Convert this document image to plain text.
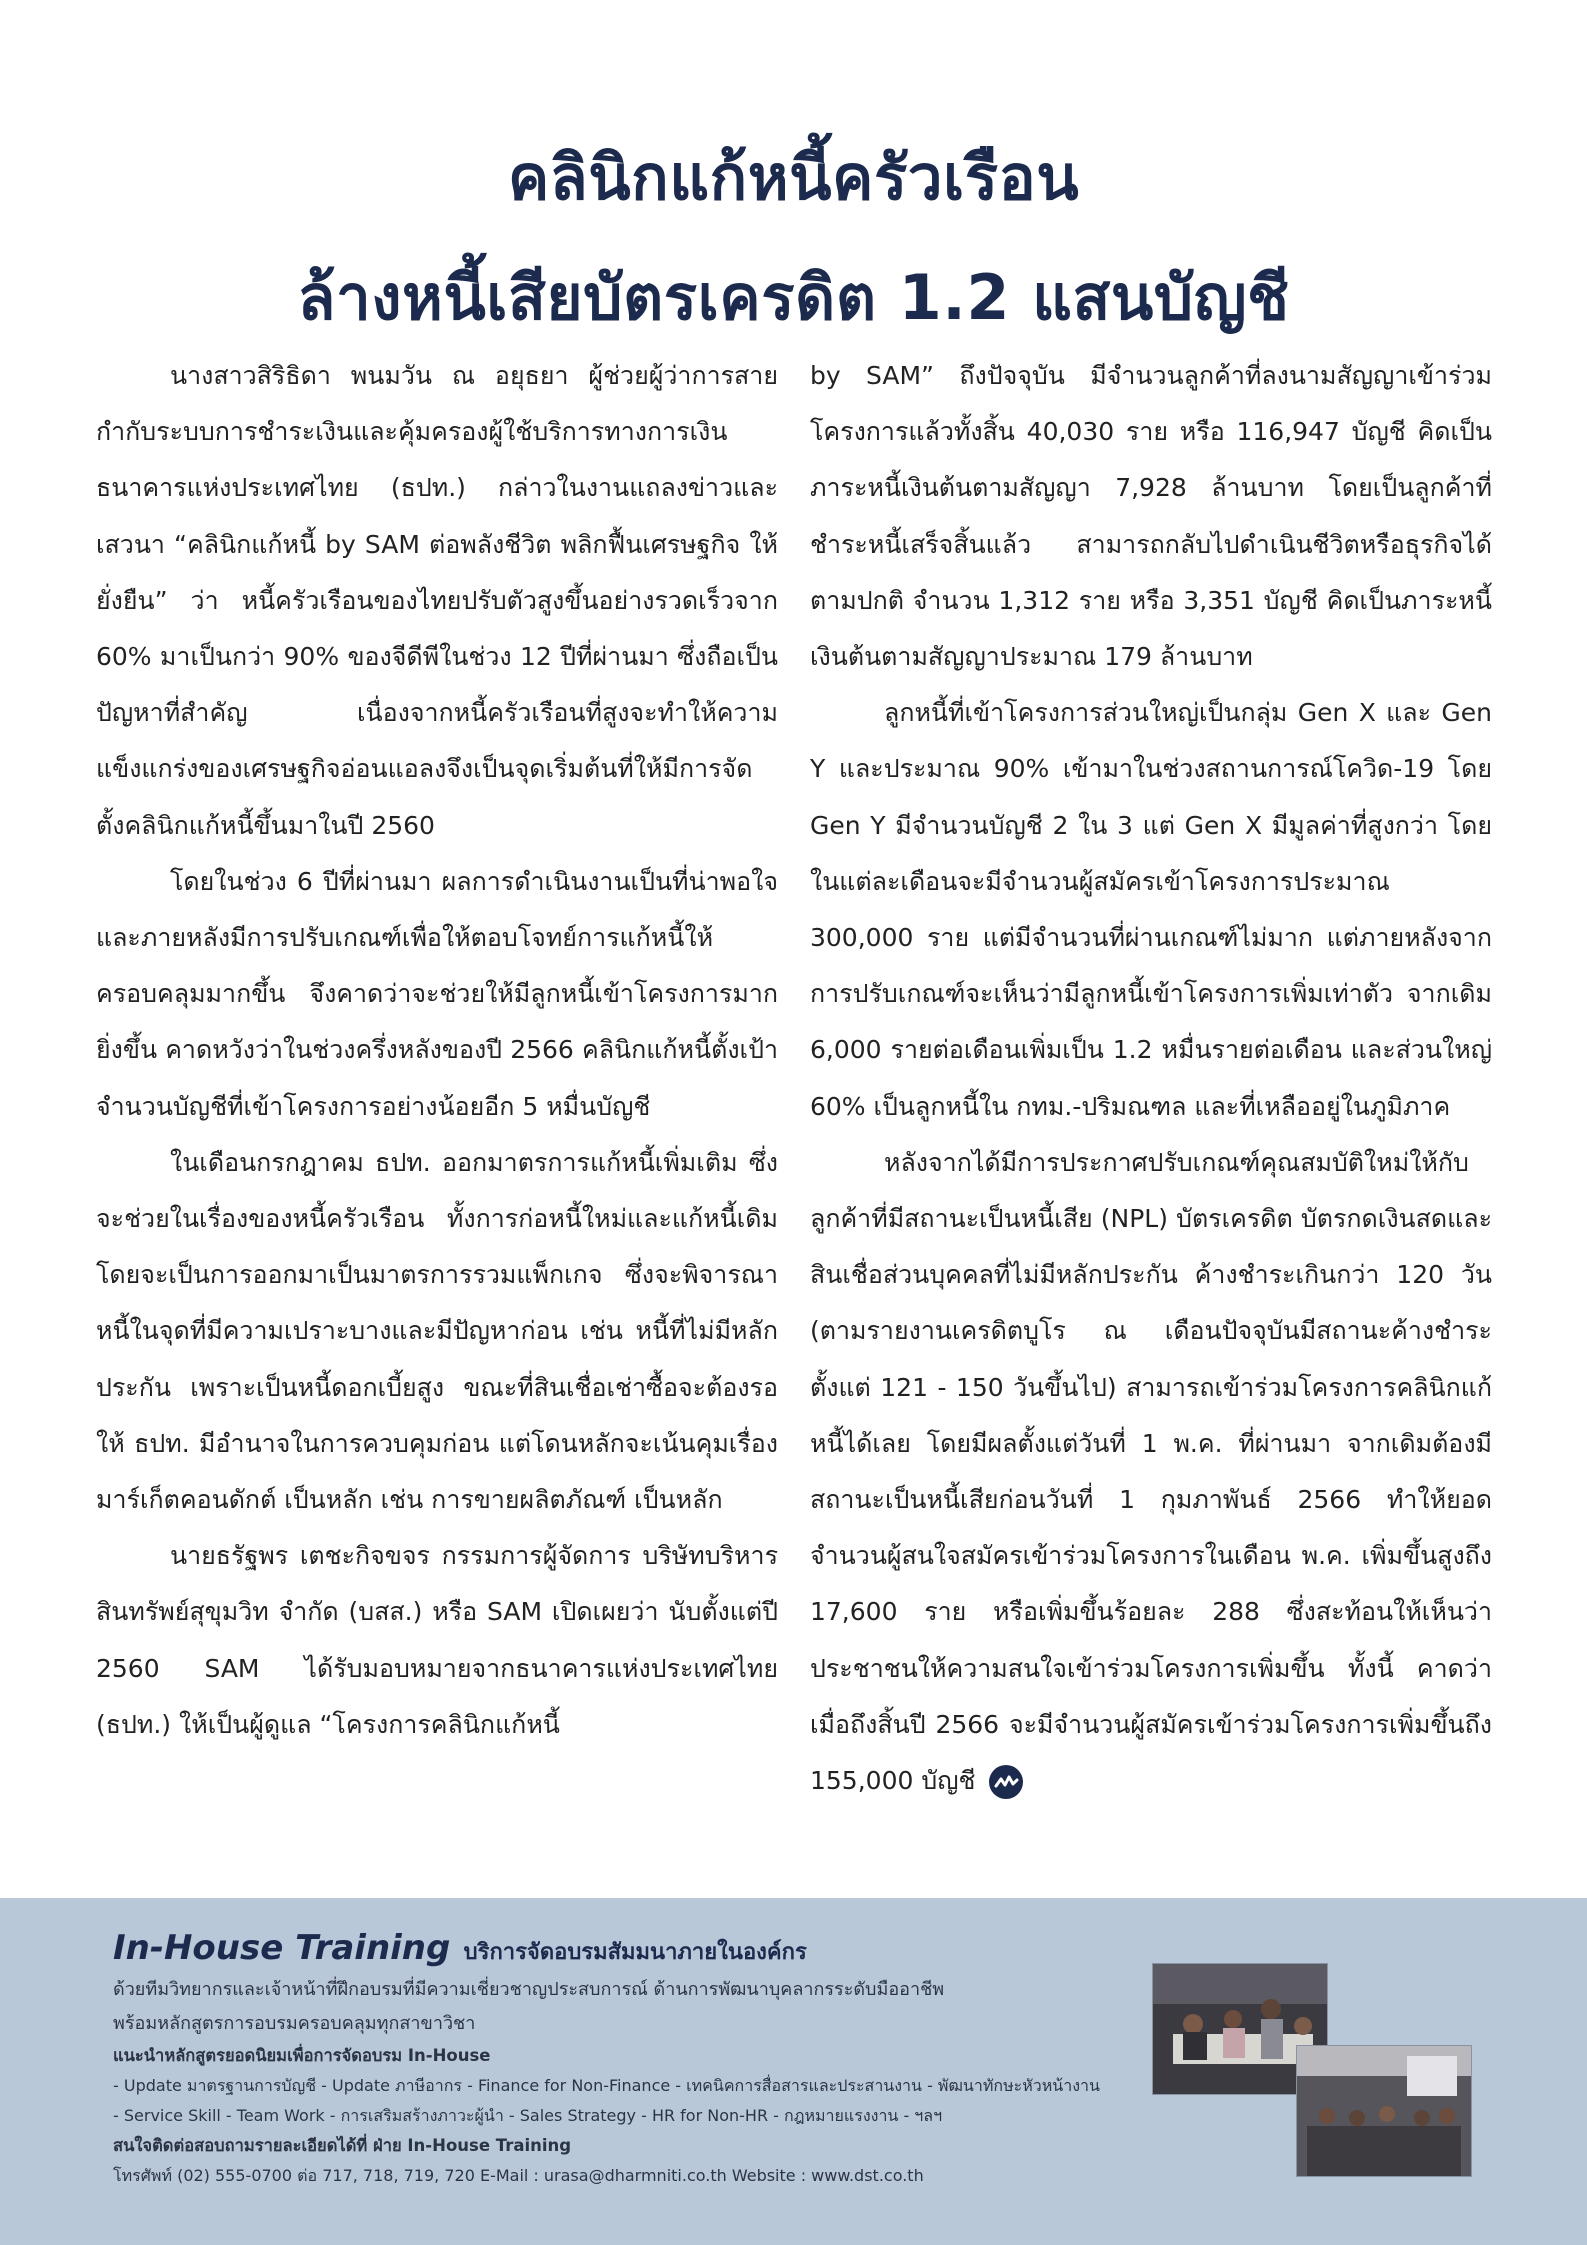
คลินิกแก้หนี้ครัวเรือน
ล้างหนี้เสียบัตรเครดิต 1.2 แสนบัญชี

นางสาวสิริธิดา พนมวัน ณ อยุธยา ผู้ช่วยผู้ว่าการสายกำกับระบบการชำระเงินและคุ้มครองผู้ใช้บริการทางการเงิน ธนาคารแห่งประเทศไทย (ธปท.) กล่าวในงานแถลงข่าวและเสวนา “คลินิกแก้หนี้ by SAM ต่อพลังชีวิต พลิกฟื้นเศรษฐกิจ ให้ยั่งยืน” ว่า หนี้ครัวเรือนของไทยปรับตัวสูงขึ้นอย่างรวดเร็วจาก 60% มาเป็นกว่า 90% ของจีดีพีในช่วง 12 ปีที่ผ่านมา ซึ่งถือเป็นปัญหาที่สำคัญ เนื่องจากหนี้ครัวเรือนที่สูงจะทำให้ความแข็งแกร่งของเศรษฐกิจอ่อนแอลงจึงเป็นจุดเริ่มต้นที่ให้มีการจัดตั้งคลินิกแก้หนี้ขึ้นมาในปี 2560

โดยในช่วง 6 ปีที่ผ่านมา ผลการดำเนินงานเป็นที่น่าพอใจ และภายหลังมีการปรับเกณฑ์เพื่อให้ตอบโจทย์การแก้หนี้ให้ครอบคลุมมากขึ้น จึงคาดว่าจะช่วยให้มีลูกหนี้เข้าโครงการมากยิ่งขึ้น คาดหวังว่าในช่วงครึ่งหลังของปี 2566 คลินิกแก้หนี้ตั้งเป้าจำนวนบัญชีที่เข้าโครงการอย่างน้อยอีก 5 หมื่นบัญชี

ในเดือนกรกฎาคม ธปท. ออกมาตรการแก้หนี้เพิ่มเติม ซึ่งจะช่วยในเรื่องของหนี้ครัวเรือน ทั้งการก่อหนี้ใหม่และแก้หนี้เดิม โดยจะเป็นการออกมาเป็นมาตรการรวมแพ็กเกจ ซึ่งจะพิจารณาหนี้ในจุดที่มีความเปราะบางและมีปัญหาก่อน เช่น หนี้ที่ไม่มีหลักประกัน เพราะเป็นหนี้ดอกเบี้ยสูง ขณะที่สินเชื่อเช่าซื้อจะต้องรอให้ ธปท. มีอำนาจในการควบคุมก่อน แต่โดนหลักจะเน้นคุมเรื่องมาร์เก็ตคอนดักต์ เป็นหลัก เช่น การขายผลิตภัณฑ์ เป็นหลัก

นายธรัฐพร เตชะกิจขจร กรรมการผู้จัดการ บริษัทบริหารสินทรัพย์สุขุมวิท จำกัด (บสส.) หรือ SAM เปิดเผยว่า นับตั้งแต่ปี 2560 SAM ได้รับมอบหมายจากธนาคารแห่งประเทศไทย (ธปท.) ให้เป็นผู้ดูแล “โครงการคลินิกแก้หนี้

by SAM” ถึงปัจจุบัน มีจำนวนลูกค้าที่ลงนามสัญญาเข้าร่วมโครงการแล้วทั้งสิ้น 40,030 ราย หรือ 116,947 บัญชี คิดเป็นภาระหนี้เงินต้นตามสัญญา 7,928 ล้านบาท โดยเป็นลูกค้าที่ชำระหนี้เสร็จสิ้นแล้ว สามารถกลับไปดำเนินชีวิตหรือธุรกิจได้ตามปกติ จำนวน 1,312 ราย หรือ 3,351 บัญชี คิดเป็นภาระหนี้เงินต้นตามสัญญาประมาณ 179 ล้านบาท

ลูกหนี้ที่เข้าโครงการส่วนใหญ่เป็นกลุ่ม Gen X และ Gen Y และประมาณ 90% เข้ามาในช่วงสถานการณ์โควิด-19 โดย Gen Y มีจำนวนบัญชี 2 ใน 3 แต่ Gen X มีมูลค่าที่สูงกว่า โดยในแต่ละเดือนจะมีจำนวนผู้สมัครเข้าโครงการประมาณ 300,000 ราย แต่มีจำนวนที่ผ่านเกณฑ์ไม่มาก แต่ภายหลังจากการปรับเกณฑ์จะเห็นว่ามีลูกหนี้เข้าโครงการเพิ่มเท่าตัว จากเดิม 6,000 รายต่อเดือนเพิ่มเป็น 1.2 หมื่นรายต่อเดือน และส่วนใหญ่ 60% เป็นลูกหนี้ใน กทม.-ปริมณฑล และที่เหลืออยู่ในภูมิภาค

หลังจากได้มีการประกาศปรับเกณฑ์คุณสมบัติใหม่ให้กับลูกค้าที่มีสถานะเป็นหนี้เสีย (NPL) บัตรเครดิต บัตรกดเงินสดและสินเชื่อส่วนบุคคลที่ไม่มีหลักประกัน ค้างชำระเกินกว่า 120 วัน (ตามรายงานเครดิตบูโร ณ เดือนปัจจุบันมีสถานะค้างชำระตั้งแต่ 121 - 150 วันขึ้นไป) สามารถเข้าร่วมโครงการคลินิกแก้หนี้ได้เลย โดยมีผลตั้งแต่วันที่ 1 พ.ค. ที่ผ่านมา จากเดิมต้องมีสถานะเป็นหนี้เสียก่อนวันที่ 1 กุมภาพันธ์ 2566 ทำให้ยอดจำนวนผู้สนใจสมัครเข้าร่วมโครงการในเดือน พ.ค. เพิ่มขึ้นสูงถึง 17,600 ราย หรือเพิ่มขึ้นร้อยละ 288 ซึ่งสะท้อนให้เห็นว่าประชาชนให้ความสนใจเข้าร่วมโครงการเพิ่มขึ้น ทั้งนี้ คาดว่าเมื่อถึงสิ้นปี 2566 จะมีจำนวนผู้สมัครเข้าร่วมโครงการเพิ่มขึ้นถึง 155,000 บัญชี

In-House Training บริการจัดอบรมสัมมนาภายในองค์กร

ด้วยทีมวิทยากรและเจ้าหน้าที่ฝึกอบรมที่มีความเชี่ยวชาญประสบการณ์ ด้านการพัฒนาบุคลากรระดับมืออาชีพ

พร้อมหลักสูตรการอบรมครอบคลุมทุกสาขาวิชา

แนะนำหลักสูตรยอดนิยมเพื่อการจัดอบรม In-House

- Update มาตรฐานการบัญชี - Update ภาษีอากร - Finance for Non-Finance - เทคนิคการสื่อสารและประสานงาน - พัฒนาทักษะหัวหน้างาน

- Service Skill - Team Work - การเสริมสร้างภาวะผู้นำ - Sales Strategy - HR for Non-HR - กฎหมายแรงงาน - ฯลฯ

สนใจติดต่อสอบถามรายละเอียดได้ที่ ฝ่าย In-House Training

โทรศัพท์ (02) 555-0700 ต่อ 717, 718, 719, 720 E-Mail : urasa@dharmniti.co.th Website : www.dst.co.th
